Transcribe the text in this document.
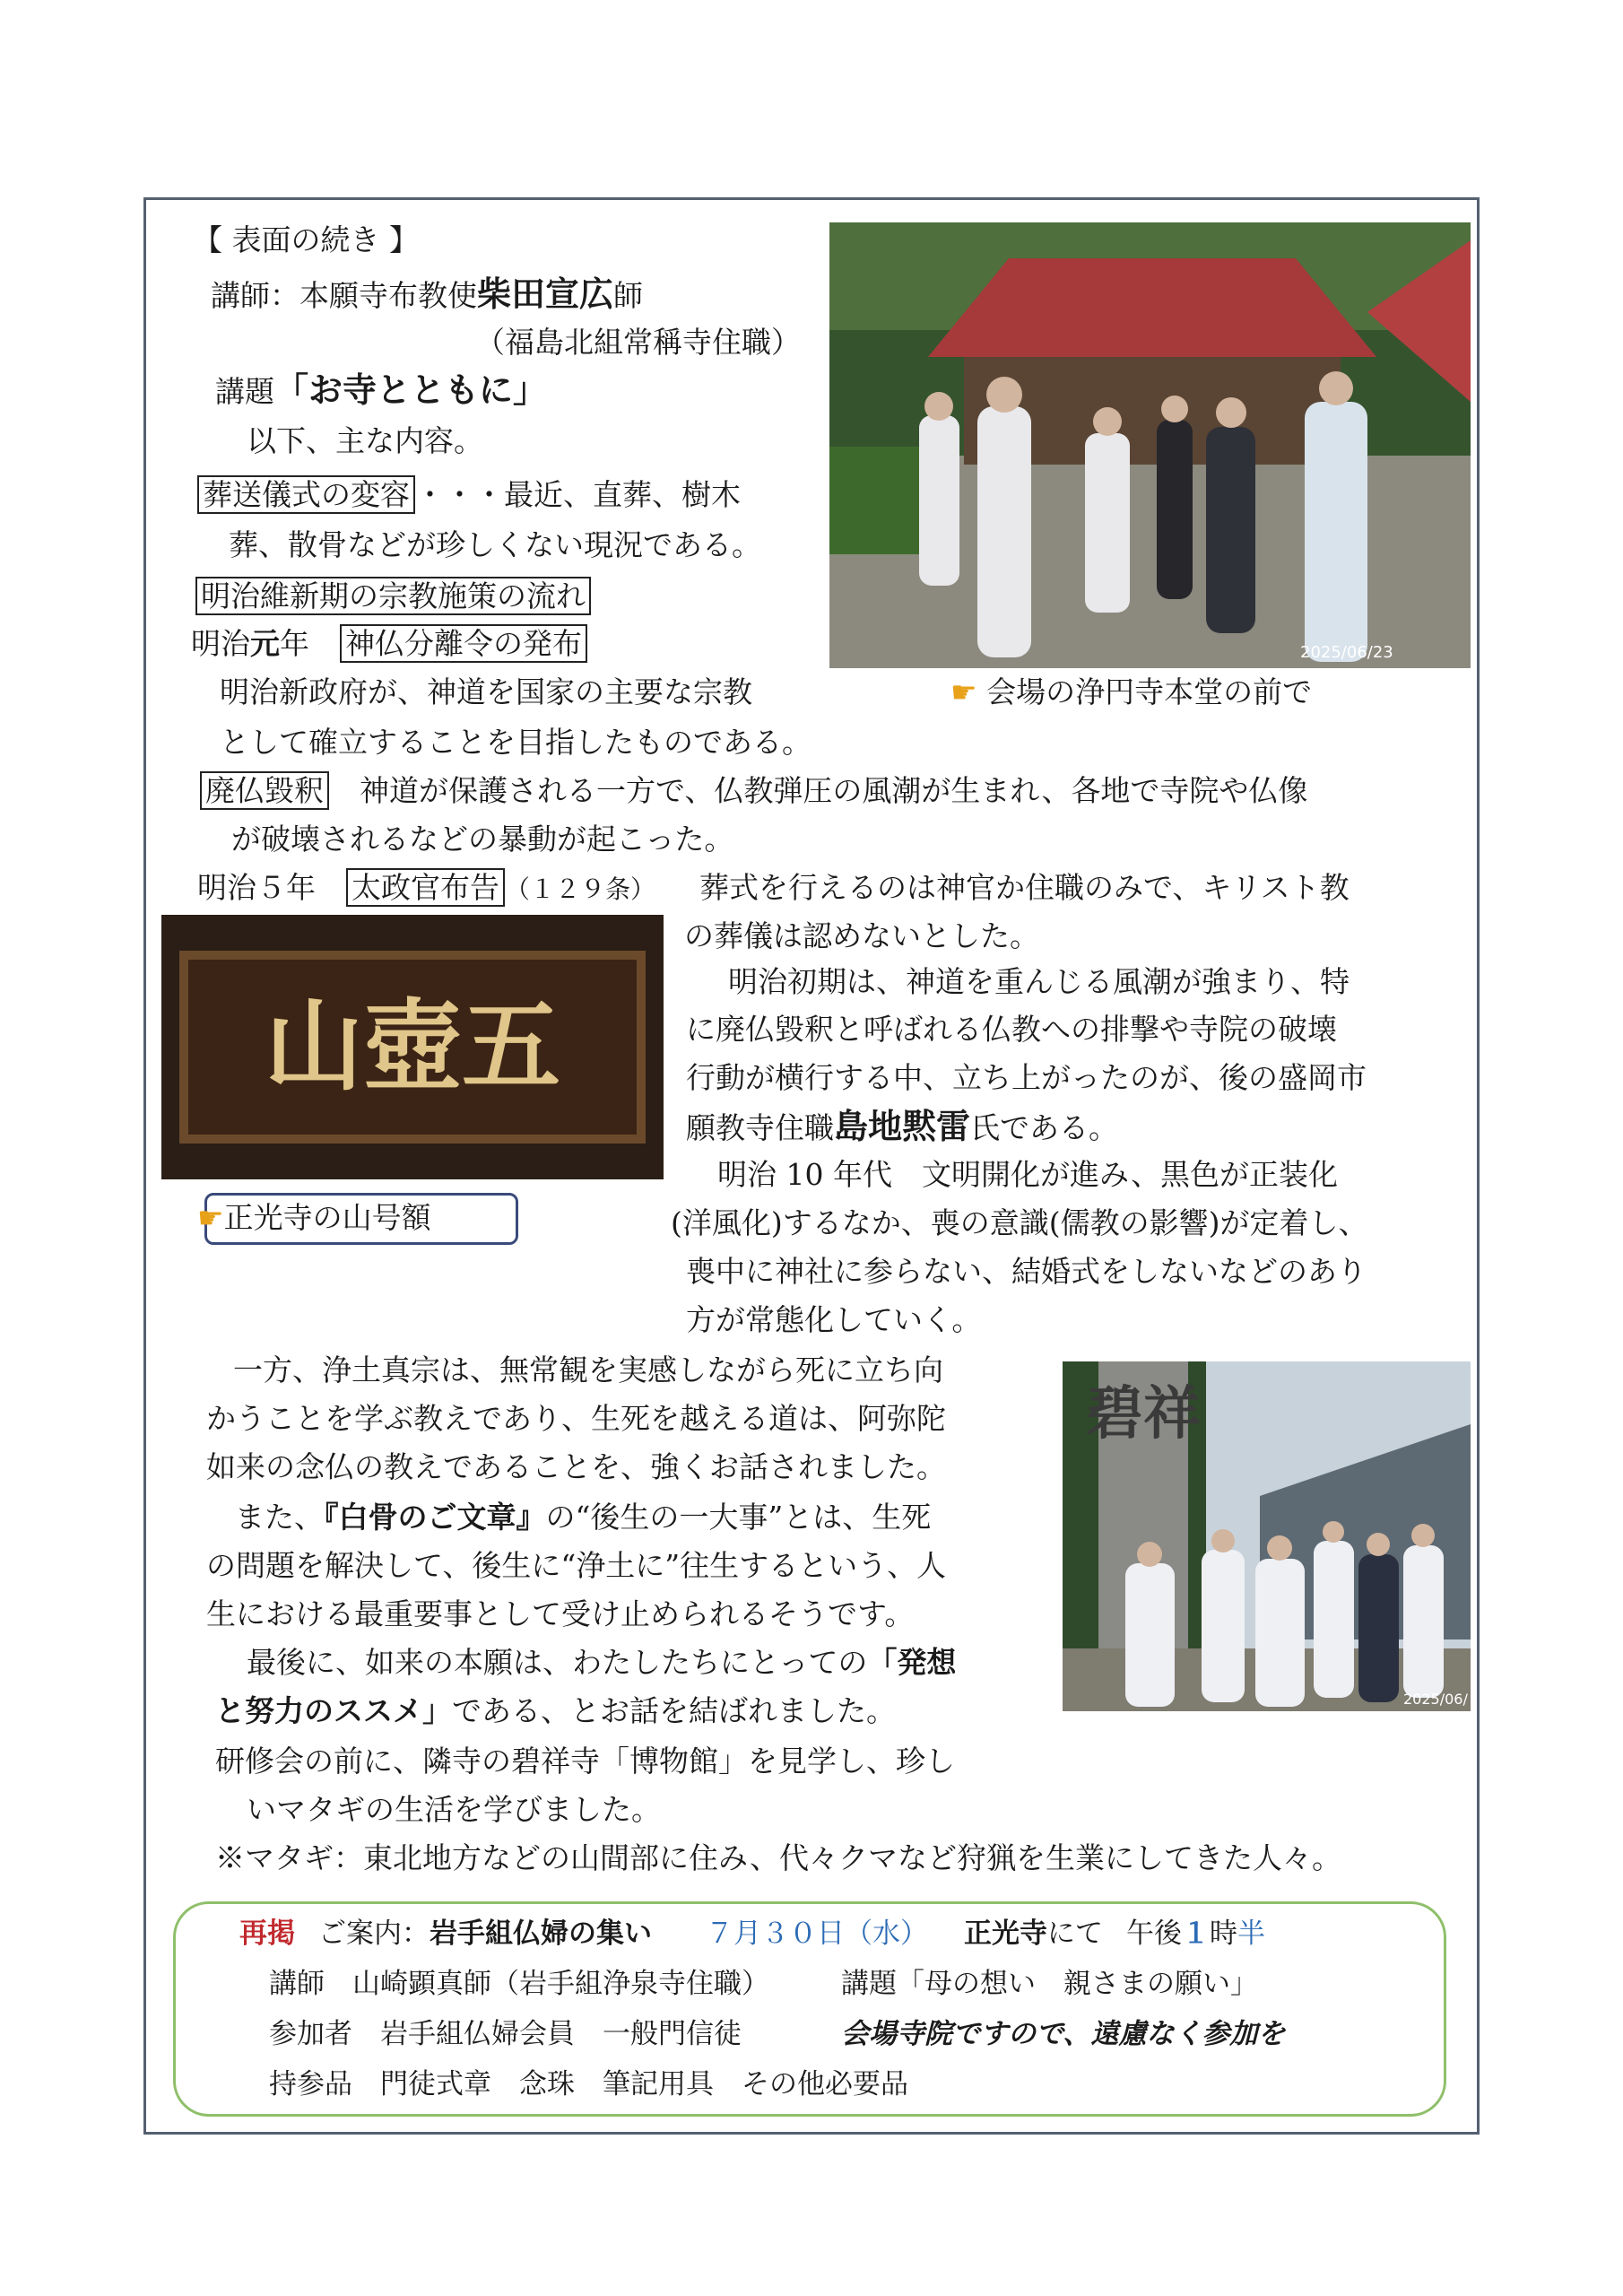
【 表面の続き 】
講師：本願寺布教使柴田宣広師
（福島北組常稱寺住職）
講題「お寺とともに」
以下、主な内容。
葬送儀式の変容 ・・・最近、直葬、樹木
葬、散骨などが珍しくない現況である。
明治維新期の宗教施策の流れ
明治元年 神仏分離令の発布
明治新政府が、神道を国家の主要な宗教
として確立することを目指したものである。
2025/06/23
☛ 会場の浄円寺本堂の前で
廃仏毀釈 神道が保護される一方で、仏教弾圧の風潮が生まれ、各地で寺院や仏像
が破壊されるなどの暴動が起こった。
明治５年 太政官布告 （１２９条） 葬式を行えるのは神官か住職のみで、キリスト教
の葬儀は認めないとした。
山壺五
☛正光寺の山号額
明治初期は、神道を重んじる風潮が強まり、特
に廃仏毀釈と呼ばれる仏教への排撃や寺院の破壊
行動が横行する中、立ち上がったのが、後の盛岡市
願教寺住職島地黙雷氏である。
明治 10 年代　文明開化が進み、黒色が正装化
(洋風化)するなか、喪の意識(儒教の影響)が定着し、
喪中に神社に参らない、結婚式をしないなどのあり
方が常態化していく。
一方、浄土真宗は、無常観を実感しながら死に立ち向
かうことを学ぶ教えであり、生死を越える道は、阿弥陀
如来の念仏の教えであることを、強くお話されました。
また、『白骨のご文章』の“後生の一大事”とは、生死
の問題を解決して、後生に“浄土に”往生するという、人
生における最重要事として受け止められるそうです。
最後に、如来の本願は、わたしたちにとっての「発想
と努力のススメ」である、とお話を結ばれました。
碧祥
2025/06/
研修会の前に、隣寺の碧祥寺「博物館」を見学し、珍し
いマタギの生活を学びました。
※マタギ：東北地方などの山間部に住み、代々クマなど狩猟を生業にしてきた人々。
再掲 ご案内：岩手組仏婦の集い ７月３０日（水） 正光寺にて 午後１時半
講師　山崎顕真師（岩手組浄泉寺住職）	講題「母の想い　親さまの願い」
参加者　岩手組仏婦会員　一般門信徒	会場寺院ですので、遠慮なく参加を
持参品　門徒式章　念珠　筆記用具　その他必要品
